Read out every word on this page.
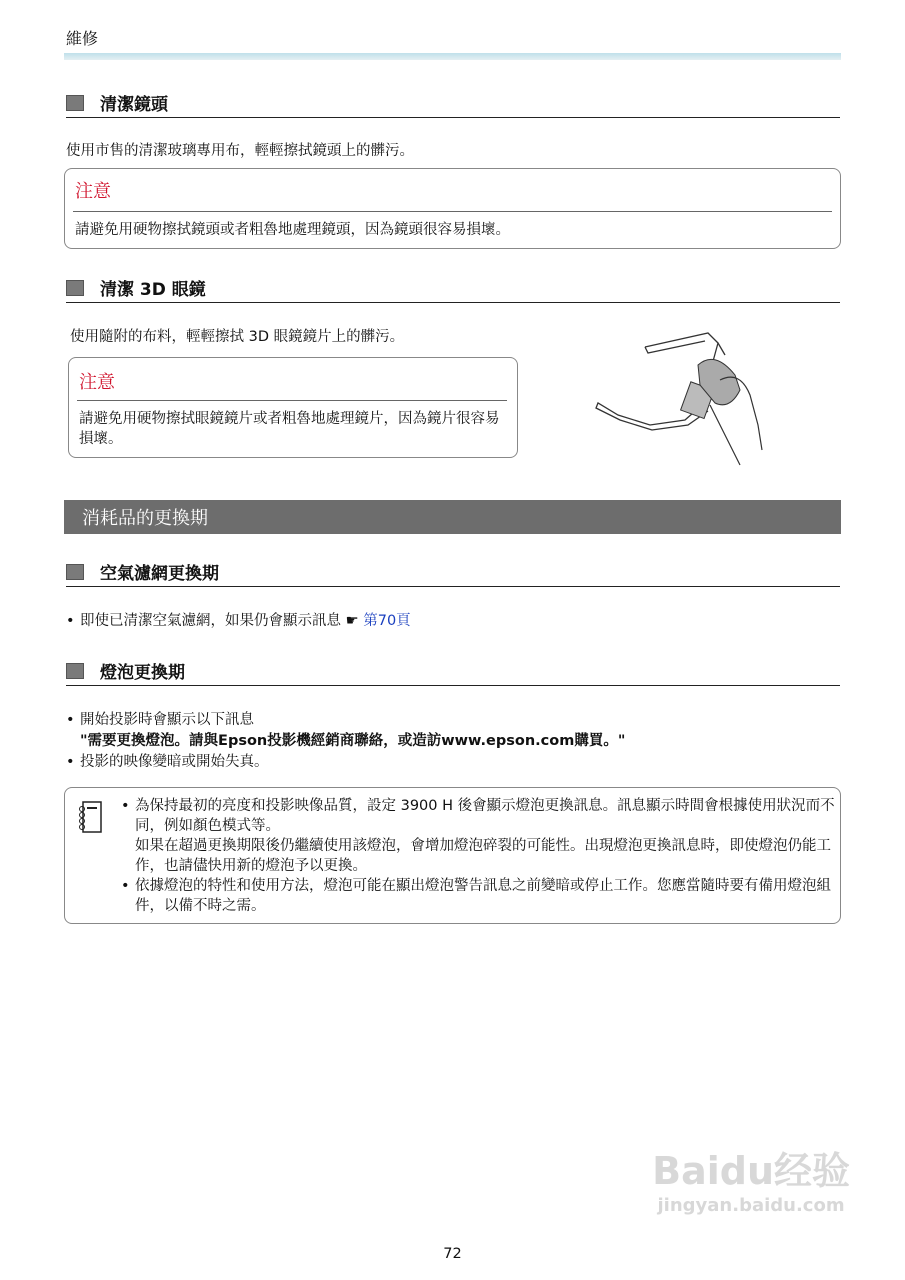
維修
清潔鏡頭
使用市售的清潔玻璃專用布，輕輕擦拭鏡頭上的髒污。
注意
請避免用硬物擦拭鏡頭或者粗魯地處理鏡頭，因為鏡頭很容易損壞。
清潔 3D 眼鏡
使用隨附的布料，輕輕擦拭 3D 眼鏡鏡片上的髒污。
注意
請避免用硬物擦拭眼鏡鏡片或者粗魯地處理鏡片，因為鏡片很容易損壞。
消耗品的更換期
空氣濾網更換期
• 即使已清潔空氣濾網，如果仍會顯示訊息 ☛ 第70頁
燈泡更換期
• 開始投影時會顯示以下訊息
"需要更換燈泡。請與Epson投影機經銷商聯絡，或造訪www.epson.com購買。"
• 投影的映像變暗或開始失真。
• 為保持最初的亮度和投影映像品質，設定 3900 H 後會顯示燈泡更換訊息。訊息顯示時間會根據使用狀況而不同，例如顏色模式等。
如果在超過更換期限後仍繼續使用該燈泡，會增加燈泡碎裂的可能性。出現燈泡更換訊息時，即使燈泡仍能工作，也請儘快用新的燈泡予以更換。
• 依據燈泡的特性和使用方法，燈泡可能在顯出燈泡警告訊息之前變暗或停止工作。您應當隨時要有備用燈泡組件，以備不時之需。
Baidu经验
jingyan.baidu.com
72
